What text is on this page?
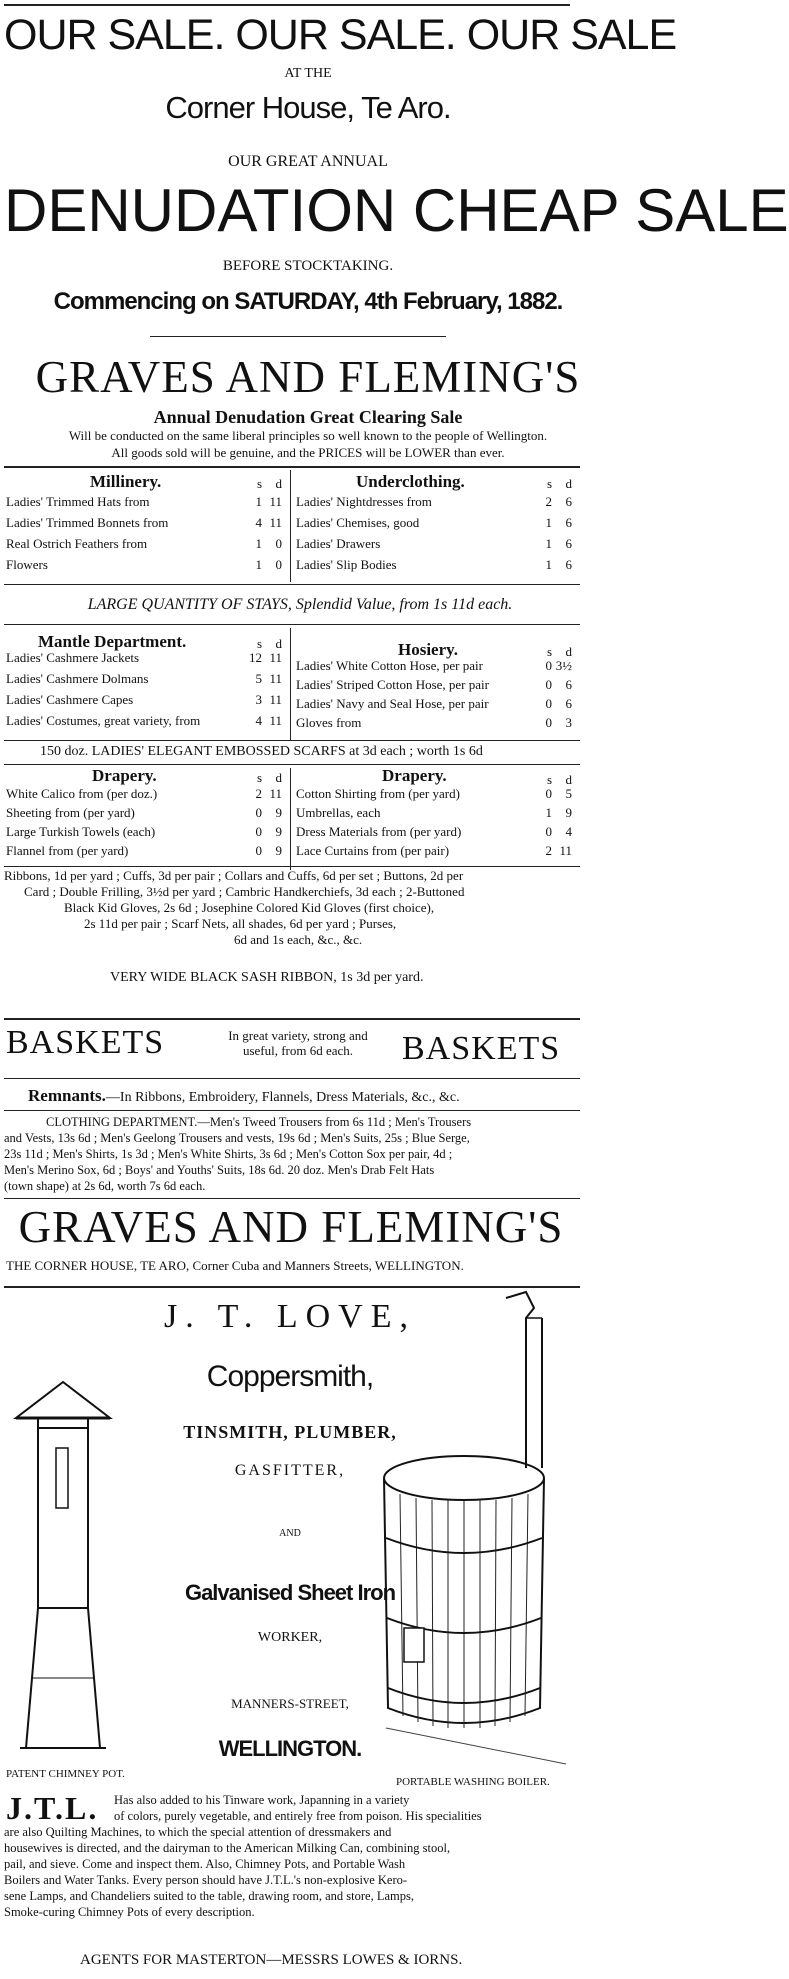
OUR SALE. OUR SALE. OUR SALE
AT THE
Corner House, Te Aro.
OUR GREAT ANNUAL
DENUDATION CHEAP SALE
BEFORE STOCKTAKING.
Commencing on SATURDAY, 4th February, 1882.
GRAVES AND FLEMING'S
Annual Denudation Great Clearing Sale
Will be conducted on the same liberal principles so well known to the people of Wellington.
All goods sold will be genuine, and the PRICES will be LOWER than ever.
Millinery.	s	d	Underclothing.	s	d
Ladies' Trimmed Hats from	1 11
Ladies' Trimmed Bonnets from	4 11
Real Ostrich Feathers from	1	0
Flowers	1	0
Ladies' Nightdresses from	2	6
Ladies' Chemises, good	1	6
Ladies' Drawers	1	6
Ladies' Slip Bodies	1	6
LARGE QUANTITY OF STAYS, Splendid Value, from 1s 11d each.
Mantle Department.	s	d	Hosiery.	s	d
Ladies' Cashmere Jackets	12 11
Ladies' Cashmere Dolmans	5 11
Ladies' Cashmere Capes	3 11
Ladies' Costumes, great variety, from	4 11
Ladies' White Cotton Hose, per pair	0 3½
Ladies' Striped Cotton Hose, per pair	0	6
Ladies' Navy and Seal Hose, per pair	0	6
Gloves from	0	3
150 doz. LADIES' ELEGANT EMBOSSED SCARFS at 3d each ; worth 1s 6d
Drapery.	s	d	Drapery.	s	d
White Calico from (per doz.)	2 11
Sheeting from (per yard)	0	9
Large Turkish Towels (each)	0	9
Flannel from (per yard)	0	9
Cotton Shirting from (per yard)	0	5
Umbrellas, each	1	9
Dress Materials from (per yard)	0	4
Lace Curtains from (per pair)	2 11
Ribbons, 1d per yard ; Cuffs, 3d per pair ; Collars and Cuffs, 6d per set ; Buttons, 2d per
Card ; Double Frilling, 3½d per yard ; Cambric Handkerchiefs, 3d each ; 2-Buttoned
Black Kid Gloves, 2s 6d ; Josephine Colored Kid Gloves (first choice),
2s 11d per pair ; Scarf Nets, all shades, 6d per yard ; Purses,
6d and 1s each, &c., &c.
VERY WIDE BLACK SASH RIBBON, 1s 3d per yard.
BASKETS	In great variety, strong and
useful, from 6d each.	BASKETS
Remnants.—In Ribbons, Embroidery, Flannels, Dress Materials, &c., &c.
CLOTHING DEPARTMENT.—Men's Tweed Trousers from 6s 11d ; Men's Trousers
and Vests, 13s 6d ; Men's Geelong Trousers and vests, 19s 6d ; Men's Suits, 25s ; Blue Serge,
23s 11d ; Men's Shirts, 1s 3d ; Men's White Shirts, 3s 6d ; Men's Cotton Sox per pair, 4d ;
Men's Merino Sox, 6d ; Boys' and Youths' Suits, 18s 6d. 20 doz. Men's Drab Felt Hats
(town shape) at 2s 6d, worth 7s 6d each.
GRAVES AND FLEMING'S
THE CORNER HOUSE, TE ARO, Corner Cuba and Manners Streets, WELLINGTON.
J. T. LOVE,
Coppersmith,
TINSMITH, PLUMBER,
GASFITTER,
AND
Galvanised Sheet Iron
WORKER,
MANNERS-STREET,
WELLINGTON.
PATENT CHIMNEY POT.
PORTABLE WASHING BOILER.
J.T.L.	Has also added to his Tinware work, Japanning in a variety
of colors, purely vegetable, and entirely free from poison. His specialities
are also Quilting Machines, to which the special attention of dressmakers and
housewives is directed, and the dairyman to the American Milking Can, combining stool,
pail, and sieve. Come and inspect them. Also, Chimney Pots, and Portable Wash
Boilers and Water Tanks. Every person should have J.T.L.'s non-explosive Kero-
sene Lamps, and Chandeliers suited to the table, drawing room, and store, Lamps,
Smoke-curing Chimney Pots of every description.
AGENTS FOR MASTERTON—MESSRS LOWES & IORNS.
